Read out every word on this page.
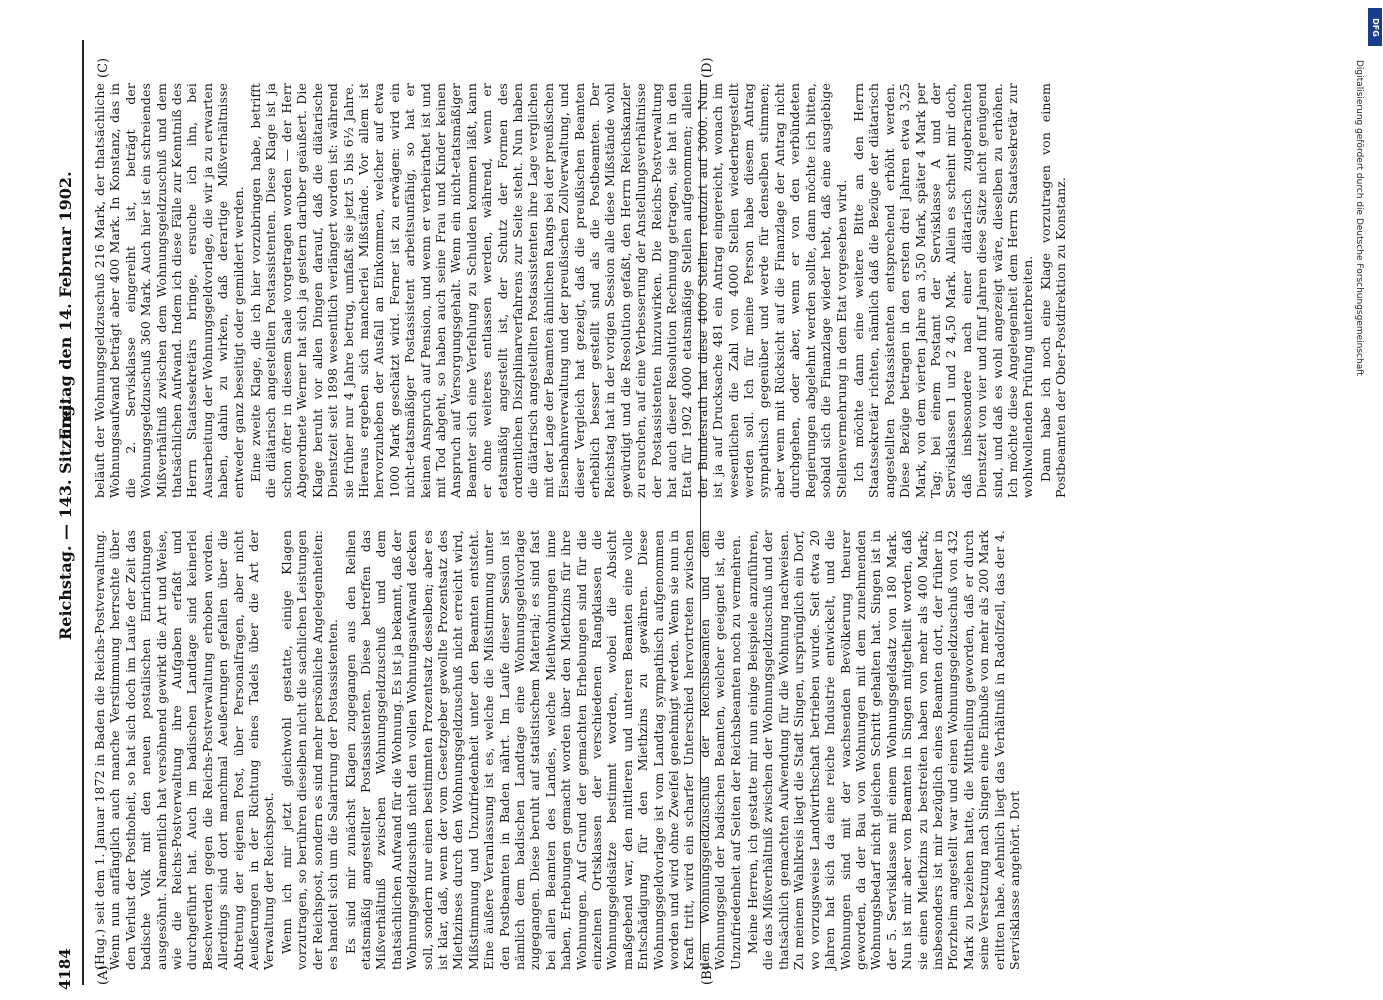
4184
Reichstag. — 143. Sitzung.
Freitag den 14. Februar 1902.
(A)	(B)
(C)	(D)

(Hug.) seit dem 1. Januar 1872 in Baden die Reichs-Postverwaltung. Wenn nun anfänglich auch manche Verstimmung herrschte über den Verlust der Posthoheit, so hat sich doch im Laufe der Zeit das badische Volk mit den neuen postalischen Einrichtungen ausgesöhnt. Namentlich hat versöhnend gewirkt die Art und Weise, wie die Reichs-Postverwaltung ihre Aufgaben erfaßt und durchgeführt hat. Auch im badischen Landtage sind keinerlei Beschwerden gegen die Reichs-Postverwaltung erhoben worden. Allerdings sind dort manchmal Aeußerungen gefallen über die Abtretung der eigenen Post, über Personalfragen, aber nicht Aeußerungen in der Richtung eines Tadels über die Art der Verwaltung der Reichspost. Wenn ich mir jetzt gleichwohl gestatte, einige Klagen vorzutragen, so berühren dieselben nicht die sachlichen Leistungen der Reichspost, sondern es sind mehr persönliche Angelegenheiten: es handelt sich um die Salarirung der Postassistenten. Es sind mir zunächst Klagen zugegangen aus den Reihen etatsmäßig angestellter Postassistenten. Diese betreffen das Mißverhältniß zwischen Wohnungsgeldzuschuß und dem thatsächlichen Aufwand für die Wohnung. Es ist ja bekannt, daß der Wohnungsgeldzuschuß nicht den vollen Wohnungsaufwand decken soll, sondern nur einen bestimmten Prozentsatz desselben; aber es ist klar, daß, wenn der vom Gesetzgeber gewollte Prozentsatz des Miethzinses durch den Wohnungsgeldzuschuß nicht erreicht wird, Mißstimmung und Unzufriedenheit unter den Beamten entsteht. Eine äußere Veranlassung ist es, welche die Mißstimmung unter den Postbeamten in Baden nährt. Im Laufe dieser Session ist nämlich dem badischen Landtage eine Wohnungsgeldvorlage zugegangen. Diese beruht auf statistischem Material; es sind fast bei allen Beamten des Landes, welche Miethwohnungen inne haben, Erhebungen gemacht worden über den Miethzins für ihre Wohnungen. Auf Grund der gemachten Erhebungen sind für die einzelnen Ortsklassen der verschiedenen Rangklassen die Wohnungsgeldsätze bestimmt worden, wobei die Absicht maßgebend war, den mittleren und unteren Beamten eine volle Entschädigung für den Miethzins zu gewähren. Diese Wohnungsgeldvorlage ist vom Landtag sympathisch aufgenommen worden und wird ohne Zweifel genehmigt werden. Wenn sie nun in Kraft tritt, wird ein scharfer Unterschied hervortreten zwischen dem Wohnungsgeldzuschuß der Reichsbeamten und dem Wohnungsgeld der badischen Beamten, welcher geeignet ist, die Unzufriedenheit auf Seiten der Reichsbeamten noch zu vermehren. Meine Herren, ich gestatte mir nun einige Beispiele anzuführen, die das Mißverhältniß zwischen der Wohnungsgeldzuschuß und der thatsächlich gemachten Aufwendung für die Wohnung nachweisen. Zu meinem Wahlkreis liegt die Stadt Singen, ursprünglich ein Dorf, wo vorzugsweise Landwirthschaft betrieben wurde. Seit etwa 20 Jahren hat sich da eine reiche Industrie entwickelt, und die Wohnungen sind mit der wachsenden Bevölkerung theurer geworden, da der Bau von Wohnungen mit dem zunehmenden Wohnungsbedarf nicht gleichen Schritt gehalten hat. Singen ist in der 5. Servisklasse mit einem Wohnungsgeldsatz von 180 Mark. Nun ist mir aber von Beamten in Singen mitgetheilt worden, daß sie einen Miethzins zu bestreiten haben von mehr als 400 Mark; insbesonders ist mir bezüglich eines Beamten dort, der früher in Pforzheim angestellt war und einen Wohnungsgeldzuschuß von 432 Mark zu beziehen hatte, die Mittheilung geworden, daß er durch seine Versetzung nach Singen eine Einbuße von mehr als 200 Mark erlitten habe. Aehnlich liegt das Verhältniß in Radolfzell, das der 4. Servisklasse angehört. Dort

beläuft der Wohnungsgeldzuschuß 216 Mark, der thatsächliche Wohnungsaufwand beträgt aber 400 Mark. In Konstanz, das in die 2. Servisklasse eingereiht ist, beträgt der Wohnungsgeldzuschuß 360 Mark. Auch hier ist ein schreiendes Mißverhältniß zwischen dem Wohnungsgeldzuschuß und dem thatsächlichen Aufwand. Indem ich diese Fälle zur Kenntniß des Herrn Staatssekretärs bringe, ersuche ich ihn, bei Ausarbeitung der Wohnungsgeldvorlage, die wir ja zu erwarten haben, dahin zu wirken, daß derartige Mißverhältnisse entweder ganz beseitigt oder gemildert werden. Eine zweite Klage, die ich hier vorzubringen habe, betrifft die diätarisch angestellten Postassistenten. Diese Klage ist ja schon öfter in diesem Saale vorgetragen worden — der Herr Abgeordnete Werner hat sich ja gestern darüber geäußert. Die Klage beruht vor allen Dingen darauf, daß die diätarische Dienstzeit seit 1898 wesentlich verlängert worden ist: während sie früher nur 4 Jahre betrug, umfaßt sie jetzt 5 bis 6½ Jahre. Hieraus ergeben sich mancherlei Mißstände. Vor allem ist hervorzuheben der Ausfall an Einkommen, welcher auf etwa 1000 Mark geschätzt wird. Ferner ist zu erwägen: wird ein nicht-etatsmäßiger Postassistent arbeitsunfähig, so hat er keinen Anspruch auf Pension, und wenn er verheirathet ist und mit Tod abgeht, so haben auch seine Frau und Kinder keinen Anspruch auf Versorgungsgehalt. Wenn ein nicht-etatsmäßiger Beamter sich eine Verfehlung zu Schulden kommen läßt, kann er ohne weiteres entlassen werden, während, wenn er etatsmäßig angestellt ist, der Schutz der Formen des ordentlichen Disziplinarverfahrens zur Seite steht. Nun haben die diätarisch angestellten Postassistenten ihre Lage verglichen mit der Lage der Beamten ähnlichen Rangs bei der preußischen Eisenbahnverwaltung und der preußischen Zollverwaltung, und dieser Vergleich hat gezeigt, daß die preußischen Beamten erheblich besser gestellt sind als die Postbeamten. Der Reichstag hat in der vorigen Session alle diese Mißstände wohl gewürdigt und die Resolution gefaßt, den Herrn Reichskanzler zu ersuchen, auf eine Verbesserung der Anstellungsverhältnisse der Postassistenten hinzuwirken. Die Reichs-Postverwaltung hat auch dieser Resolution Rechnung getragen, sie hat in den Etat für 1902 4000 etatsmäßige Stellen aufgenommen; allein der Bundesrath hat diese 4000 Stellen reduzirt auf 3000. Nun ist ja auf Drucksache 481 ein Antrag eingereicht, wonach im wesentlichen die Zahl von 4000 Stellen wiederhergestellt werden soll. Ich für meine Person habe diesem Antrag sympathisch gegenüber und werde für denselben stimmen; aber wenn mit Rücksicht auf die Finanzlage der Antrag nicht durchgehen, oder aber, wenn er von den verbündeten Regierungen abgelehnt werden sollte, dann möchte ich bitten, sobald sich die Finanzlage wieder hebt, daß eine ausgiebige Stellenvermehrung in dem Etat vorgesehen wird. Ich möchte dann eine weitere Bitte an den Herrn Staatssekretär richten, nämlich daß die Bezüge der diätarisch angestellten Postassistenten entsprechend erhöht werden. Diese Bezüge betragen in den ersten drei Jahren etwa 3,25 Mark, von dem vierten Jahre an 3,50 Mark, später 4 Mark per Tag; bei einem Postamt der Servisklasse A und der Servisklassen 1 und 2 4,50 Mark. Allein es scheint mir doch, daß insbesondere nach einer diätarisch zugebrachten Dienstzeit von vier und fünf Jahren diese Sätze nicht genügend sind, und daß es wohl angezeigt wäre, dieselben zu erhöhen. Ich möchte diese Angelegenheit dem Herrn Staatssekretär zur wohlwollenden Prüfung unterbreiten. Dann habe ich noch eine Klage vorzutragen von einem Postbeamten der Ober-Postdirektion zu Konstanz.

DFG
Digitalisierung gefördert durch die Deutsche Forschungsgemeinschaft
